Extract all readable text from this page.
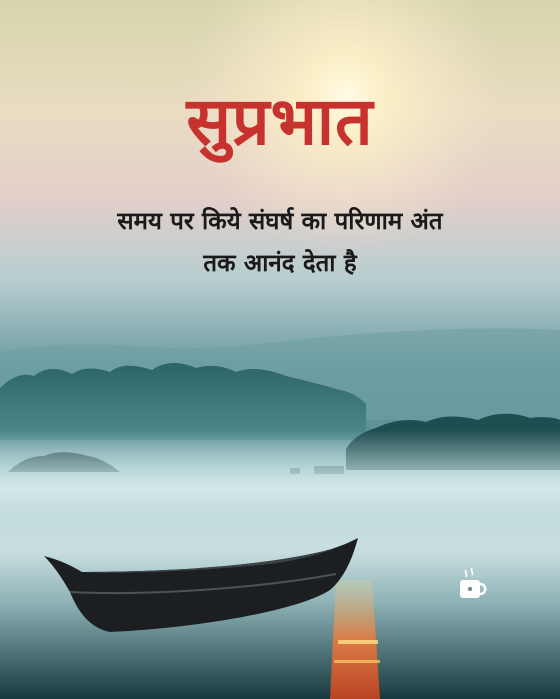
सुप्रभात
समय पर किये संघर्ष का परिणाम अंत
तक आनंद देता है
